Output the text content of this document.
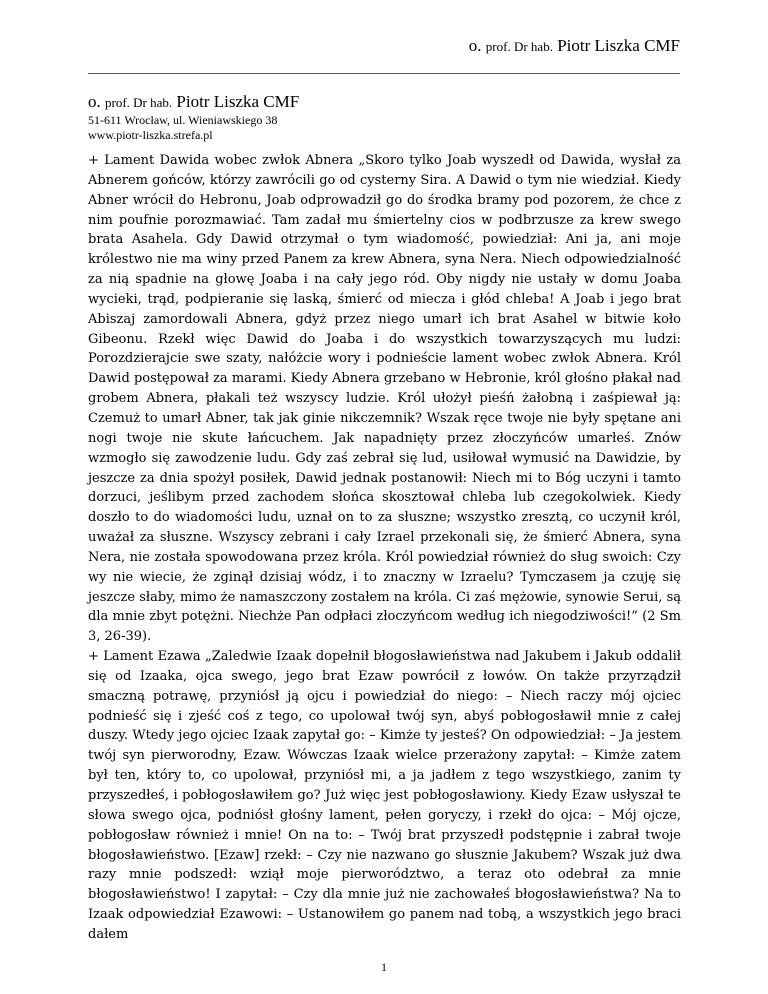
o. prof. Dr hab. Piotr Liszka CMF
o. prof. Dr hab. Piotr Liszka CMF
51-611 Wrocław, ul. Wieniawskiego 38
www.piotr-liszka.strefa.pl

+ Lament Dawida wobec zwłok Abnera „Skoro tylko Joab wyszedł od Dawida, wysłał za Abnerem gońców, którzy zawrócili go od cysterny Sira. A Dawid o tym nie wiedział. Kiedy Abner wrócił do Hebronu, Joab odprowadził go do środka bramy pod pozorem, że chce z nim poufnie porozmawiać. Tam zadał mu śmiertelny cios w podbrzusze za krew swego brata Asahela. Gdy Dawid otrzymał o tym wiadomość, powiedział: Ani ja, ani moje królestwo nie ma winy przed Panem za krew Abnera, syna Nera. Niech odpowiedzialność za nią spadnie na głowę Joaba i na cały jego ród. Oby nigdy nie ustały w domu Joaba wycieki, trąd, podpieranie się laską, śmierć od miecza i głód chleba! A Joab i jego brat Abiszaj zamordowali Abnera, gdyż przez niego umarł ich brat Asahel w bitwie koło Gibeonu. Rzekł więc Dawid do Joaba i do wszystkich towarzyszących mu ludzi: Porozdzierajcie swe szaty, nałóżcie wory i podnieście lament wobec zwłok Abnera. Król Dawid postępował za marami. Kiedy Abnera grzebano w Hebronie, król głośno płakał nad grobem Abnera, płakali też wszyscy ludzie. Król ułożył pieśń żałobną i zaśpiewał ją: Czemuż to umarł Abner, tak jak ginie nikczemnik? Wszak ręce twoje nie były spętane ani nogi twoje nie skute łańcuchem. Jak napadnięty przez złoczyńców umarłeś. Znów wzmogło się zawodzenie ludu. Gdy zaś zebrał się lud, usiłował wymusić na Dawidzie, by jeszcze za dnia spożył posiłek, Dawid jednak postanowił: Niech mi to Bóg uczyni i tamto dorzuci, jeślibym przed zachodem słońca skosztował chleba lub czegokolwiek. Kiedy doszło to do wiadomości ludu, uznał on to za słuszne; wszystko zresztą, co uczynił król, uważał za słuszne. Wszyscy zebrani i cały Izrael przekonali się, że śmierć Abnera, syna Nera, nie została spowodowana przez króla. Król powiedział również do sług swoich: Czy wy nie wiecie, że zginął dzisiaj wódz, i to znaczny w Izraelu? Tymczasem ja czuję się jeszcze słaby, mimo że namaszczony zostałem na króla. Ci zaś mężowie, synowie Serui, są dla mnie zbyt potężni. Niechże Pan odpłaci złoczyńcom według ich niegodziwości!” (2 Sm 3, 26-39).

+ Lament Ezawa „Zaledwie Izaak dopełnił błogosławieństwa nad Jakubem i Jakub oddalił się od Izaaka, ojca swego, jego brat Ezaw powrócił z łowów. On także przyrządził smaczną potrawę, przyniósł ją ojcu i powiedział do niego: – Niech raczy mój ojciec podnieść się i zjeść coś z tego, co upolował twój syn, abyś pobłogosławił mnie z całej duszy. Wtedy jego ojciec Izaak zapytał go: – Kimże ty jesteś? On odpowiedział: – Ja jestem twój syn pierworodny, Ezaw. Wówczas Izaak wielce przerażony zapytał: – Kimże zatem był ten, który to, co upolował, przyniósł mi, a ja jadłem z tego wszystkiego, zanim ty przyszedłeś, i pobłogosławiłem go? Już więc jest pobłogosławiony. Kiedy Ezaw usłyszał te słowa swego ojca, podniósł głośny lament, pełen goryczy, i rzekł do ojca: – Mój ojcze, pobłogosław również i mnie! On na to: – Twój brat przyszedł podstępnie i zabrał twoje błogosławieństwo. [Ezaw] rzekł: – Czy nie nazwano go słusznie Jakubem? Wszak już dwa razy mnie podszedł: wziął moje pierworództwo, a teraz oto odebrał za mnie błogosławieństwo! I zapytał: – Czy dla mnie już nie zachowałeś błogosławieństwa? Na to Izaak odpowiedział Ezawowi: – Ustanowiłem go panem nad tobą, a wszystkich jego braci dałem

1
